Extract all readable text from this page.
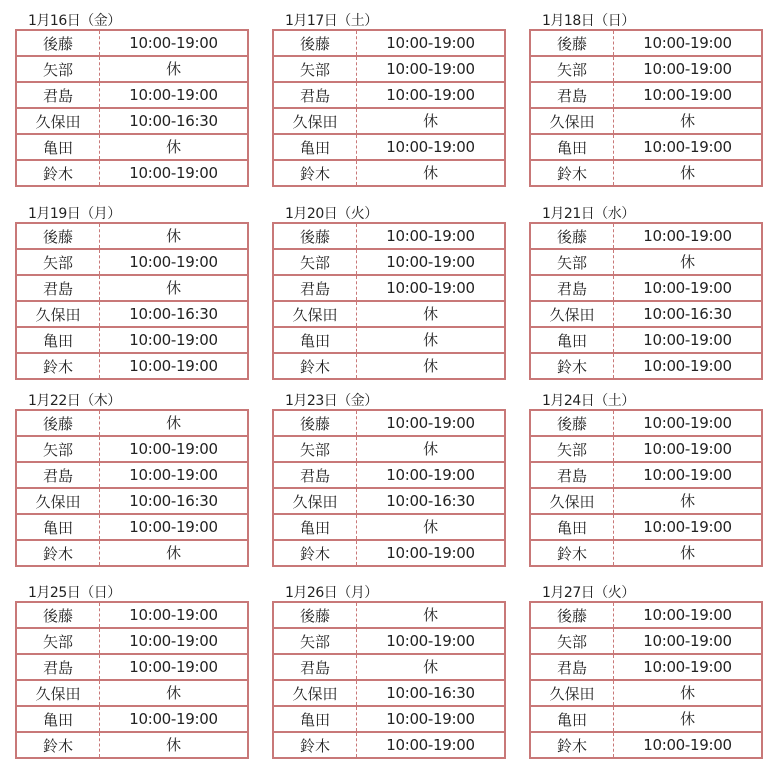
1月16日（金）
後藤	10:00-19:00
矢部	休
君島	10:00-19:00
久保田	10:00-16:30
亀田	休
鈴木	10:00-19:00
1月17日（土）
後藤	10:00-19:00
矢部	10:00-19:00
君島	10:00-19:00
久保田	休
亀田	10:00-19:00
鈴木	休
1月18日（日）
後藤	10:00-19:00
矢部	10:00-19:00
君島	10:00-19:00
久保田	休
亀田	10:00-19:00
鈴木	休
1月19日（月）
後藤	休
矢部	10:00-19:00
君島	休
久保田	10:00-16:30
亀田	10:00-19:00
鈴木	10:00-19:00
1月20日（火）
後藤	10:00-19:00
矢部	10:00-19:00
君島	10:00-19:00
久保田	休
亀田	休
鈴木	休
1月21日（水）
後藤	10:00-19:00
矢部	休
君島	10:00-19:00
久保田	10:00-16:30
亀田	10:00-19:00
鈴木	10:00-19:00
1月22日（木）
後藤	休
矢部	10:00-19:00
君島	10:00-19:00
久保田	10:00-16:30
亀田	10:00-19:00
鈴木	休
1月23日（金）
後藤	10:00-19:00
矢部	休
君島	10:00-19:00
久保田	10:00-16:30
亀田	休
鈴木	10:00-19:00
1月24日（土）
後藤	10:00-19:00
矢部	10:00-19:00
君島	10:00-19:00
久保田	休
亀田	10:00-19:00
鈴木	休
1月25日（日）
後藤	10:00-19:00
矢部	10:00-19:00
君島	10:00-19:00
久保田	休
亀田	10:00-19:00
鈴木	休
1月26日（月）
後藤	休
矢部	10:00-19:00
君島	休
久保田	10:00-16:30
亀田	10:00-19:00
鈴木	10:00-19:00
1月27日（火）
後藤	10:00-19:00
矢部	10:00-19:00
君島	10:00-19:00
久保田	休
亀田	休
鈴木	10:00-19:00
